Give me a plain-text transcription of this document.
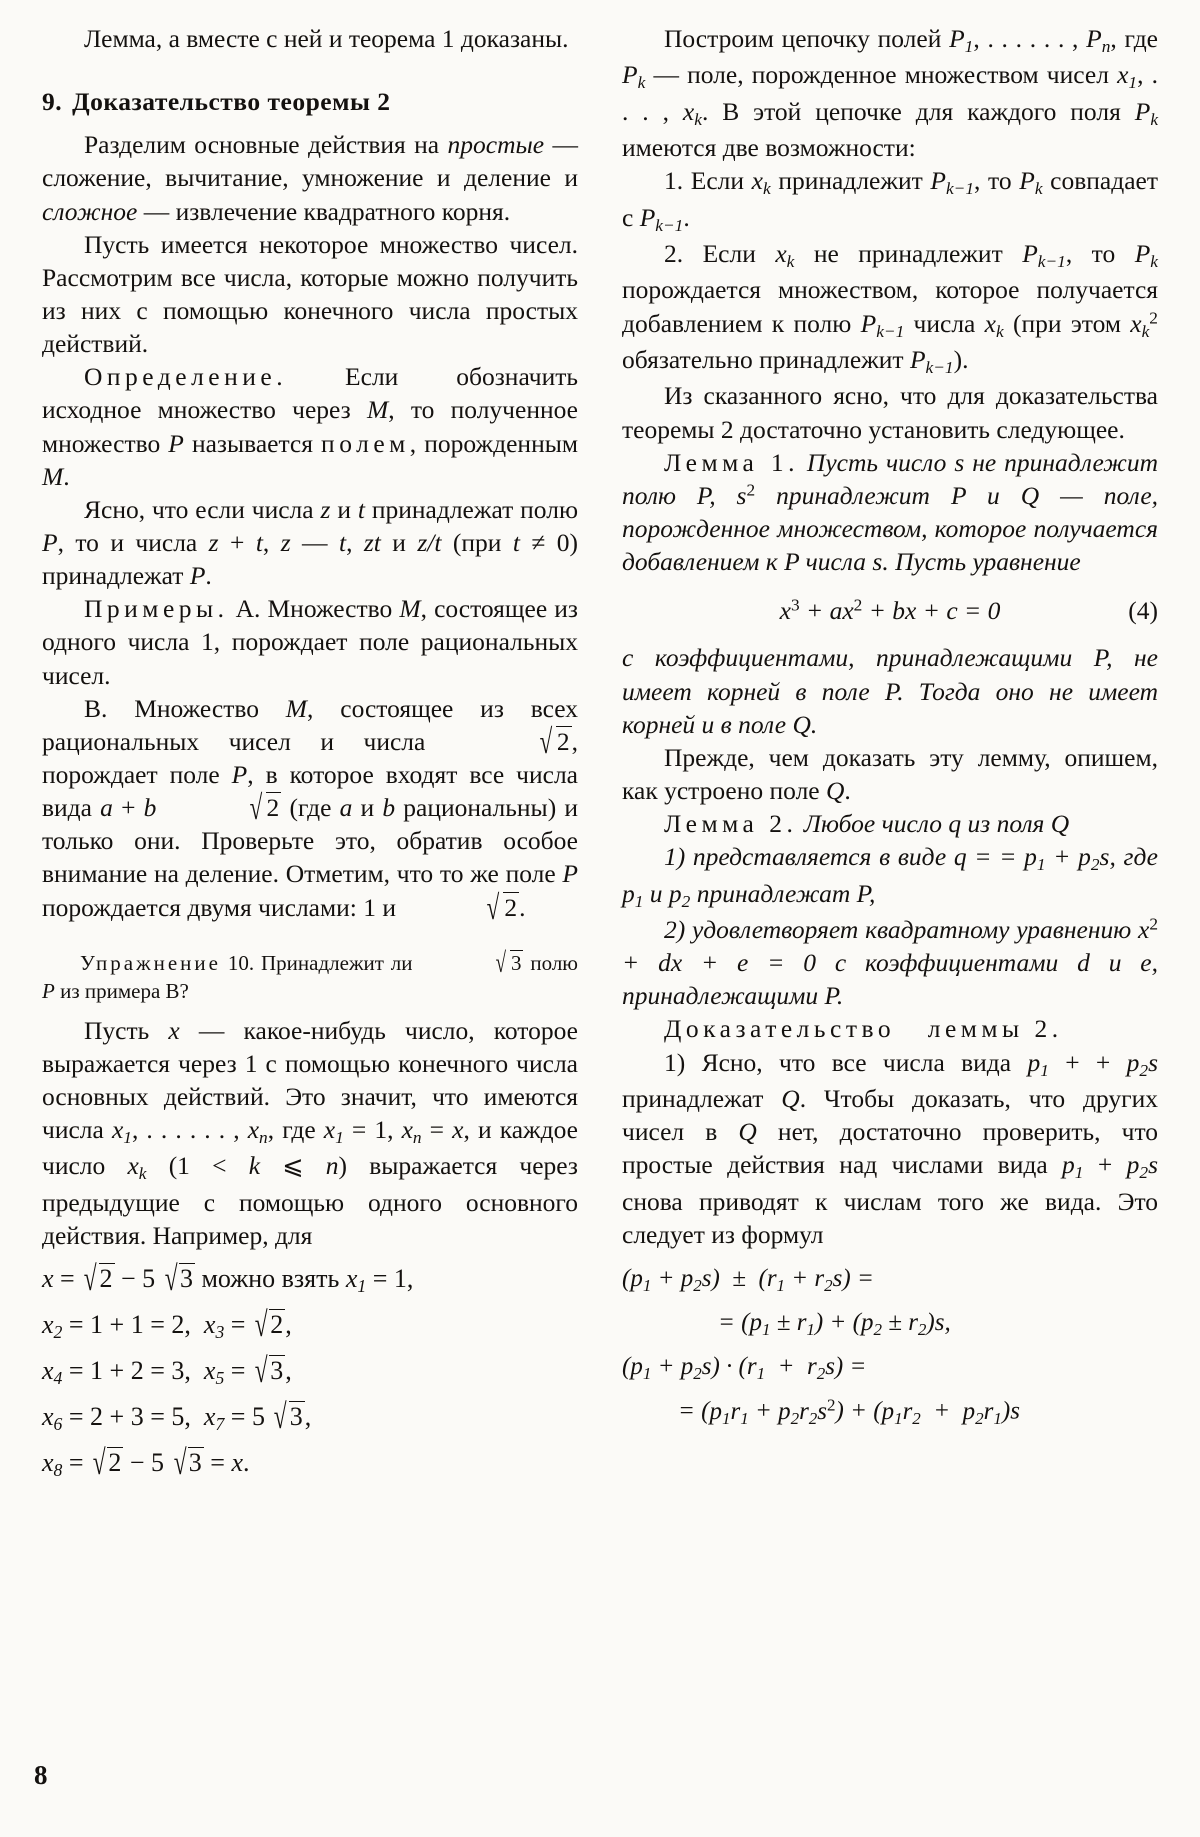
Лемма, а вместе с ней и теорема 1 доказаны.

9. Доказательство теоремы 2

Разделим основные действия на простые — сложение, вычитание, умножение и деление и сложное — извлечение квадратного корня.

Пусть имеется некоторое множество чисел. Рассмотрим все числа, которые можно получить из них с помощью конечного числа простых действий.

Определение. Если обозначить исходное множество через M, то полученное множество P называется полем, порожденным M.

Ясно, что если числа z и t принадлежат полю P, то и числа z + t, z — t, zt и z/t (при t ≠ 0) принадлежат P.

Примеры. А. Множество M, состоящее из одного числа 1, порождает поле рациональных чисел.

В. Множество M, состоящее из всех рациональных чисел и числа	√ 2, порождает поле P, в которое входят все числа вида a + b	√ 2 (где a и b рациональны) и только они. Проверьте это, обратив особое внимание на деление. Отметим, что то же поле P порождается двумя числами: 1 и	√ 2.

Упражнение 10. Принадлежит ли	√ 3 полю P из примера В?

Пусть x — какое-нибудь число, которое выражается через 1 с помощью конечного числа основных действий. Это значит, что имеются числа $x_1$, . . . . . . , $x_n$, где $x_1 = 1$, $x_n = x$, и каждое число $x_k$ (1 < k ⩽ n) выражается через предыдущие с помощью одного основного действия. Например, для

x = √ 2 − 5 √ 3 можно взять $x_1 = 1$,
$x_2 = 1 + 1 = 2$,  $x_3$ = √ 2,
$x_4 = 1 + 2 = 3$,  $x_5$ = √ 3,
$x_6 = 2 + 3 = 5$,  $x_7 = 5$ √ 3,
$x_8$ = √ 2 − 5 √ 3 = x.

Построим цепочку полей $P_1$, . . . . . . , $P_n$, где $P_k$ — поле, порожденное множеством чисел $x_1$, . . . , $x_k$. В этой цепочке для каждого поля $P_k$ имеются две возможности:

1. Если $x_k$ принадлежит $P_{k-1}$, то $P_k$ совпадает с $P_{k-1}$.

2. Если $x_k$ не принадлежит $P_{k-1}$, то $P_k$ порождается множеством, которое получается добавлением к полю $P_{k-1}$ числа $x_k$ (при этом $x_k^2$ обязательно принадлежит $P_{k-1}$).

Из сказанного ясно, что для доказательства теоремы 2 достаточно установить следующее.

Лемма 1. Пусть число s не принадлежит полю P, $s^2$ принадлежит P и Q — поле, порожденное множеством, которое получается добавлением к P числа s. Пусть уравнение

$x^3 + ax^2$ + bx + c = 0	(4)

с коэффициентами, принадлежащими P, не имеет корней в поле P. Тогда оно не имеет корней и в поле Q.

Прежде, чем доказать эту лемму, опишем, как устроено поле Q.

Лемма 2. Любое число q из поля Q

1) представляется в виде q = = $p_1 + p_2s$, где $p_1$ и $p_2$ принадлежат P,

2) удовлетворяет квадратному уравнению $x^2$ + dx + e = 0 с коэффициентами d и e, принадлежащими P.

Доказательство   леммы 2.

1) Ясно, что все числа вида $p_1$ + + $p_2s$ принадлежат Q. Чтобы доказать, что других чисел в Q нет, достаточно проверить, что простые действия над числами вида $p_1 + p_2s$ снова приводят к числам того же вида. Это следует из формул

$(p_1 + p_2s) \pm (r_1 + r_2s)$ =
= $(p_1 \pm r_1) + (p_2 \pm r_2)s$,
$(p_1 + p_2s) \cdot (r_1 + r_2s)$ =
= $(p_1r_1 + p_2r_2s^2) + (p_1r_2 + p_2r_1)s$
8
